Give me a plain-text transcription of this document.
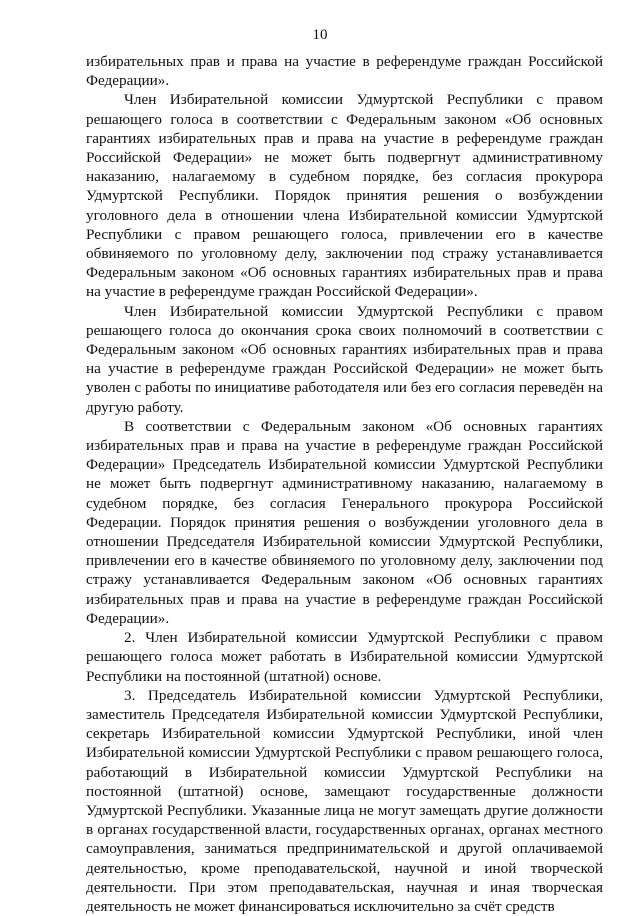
10

избирательных прав и права на участие в референдуме граждан Российской Федерации».

Член Избирательной комиссии Удмуртской Республики с правом решающего голоса в соответствии с Федеральным законом «Об основных гарантиях избирательных прав и права на участие в референдуме граждан Российской Федерации» не может быть подвергнут административному наказанию, налагаемому в судебном порядке, без согласия прокурора Удмуртской Республики. Порядок принятия решения о возбуждении уголовного дела в отношении члена Избирательной комиссии Удмуртской Республики с правом решающего голоса, привлечении его в качестве обвиняемого по уголовному делу, заключении под стражу устанавливается Федеральным законом «Об основных гарантиях избирательных прав и права на участие в референдуме граждан Российской Федерации».

Член Избирательной комиссии Удмуртской Республики с правом решающего голоса до окончания срока своих полномочий в соответствии с Федеральным законом «Об основных гарантиях избирательных прав и права на участие в референдуме граждан Российской Федерации» не может быть уволен с работы по инициативе работодателя или без его согласия переведён на другую работу.

В соответствии с Федеральным законом «Об основных гарантиях избирательных прав и права на участие в референдуме граждан Российской Федерации» Председатель Избирательной комиссии Удмуртской Республики не может быть подвергнут административному наказанию, налагаемому в судебном порядке, без согласия Генерального прокурора Российской Федерации. Порядок принятия решения о возбуждении уголовного дела в отношении Председателя Избирательной комиссии Удмуртской Республики, привлечении его в качестве обвиняемого по уголовному делу, заключении под стражу устанавливается Федеральным законом «Об основных гарантиях избирательных прав и права на участие в референдуме граждан Российской Федерации».

2. Член Избирательной комиссии Удмуртской Республики с правом решающего голоса может работать в Избирательной комиссии Удмуртской Республики на постоянной (штатной) основе.

3. Председатель Избирательной комиссии Удмуртской Республики, заместитель Председателя Избирательной комиссии Удмуртской Республики, секретарь Избирательной комиссии Удмуртской Республики, иной член Избирательной комиссии Удмуртской Республики с правом решающего голоса, работающий в Избирательной комиссии Удмуртской Республики на постоянной (штатной) основе, замещают государственные должности Удмуртской Республики. Указанные лица не могут замещать другие должности в органах государственной власти, государственных органах, органах местного самоуправления, заниматься предпринимательской и другой оплачиваемой деятельностью, кроме преподавательской, научной и иной творческой деятельности. При этом преподавательская, научная и иная творческая деятельность не может финансироваться исключительно за счёт средств
